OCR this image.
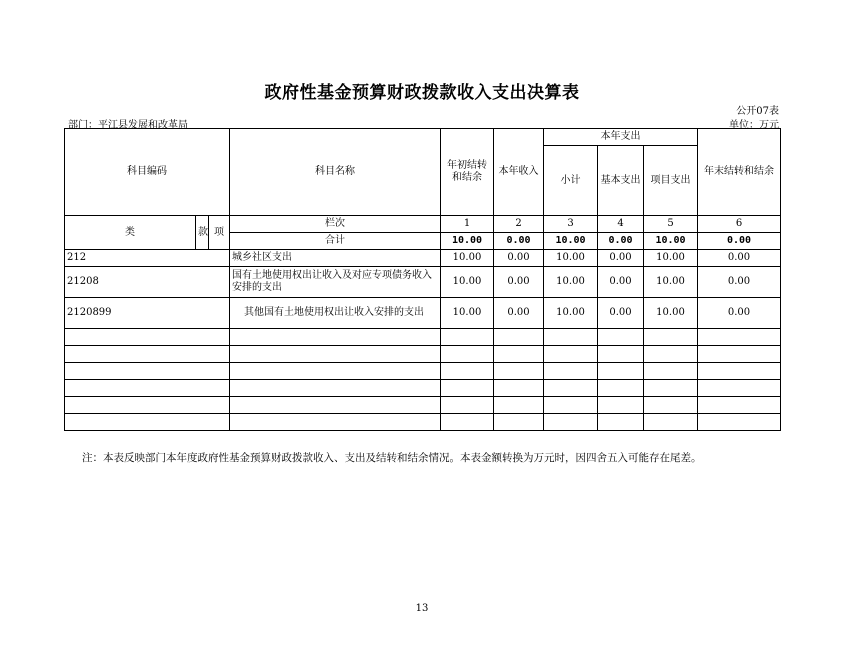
政府性基金预算财政拨款收入支出决算表
公开07表
部门：平江县发展和改革局	单位：万元
科目编码			科目名称	年初结转和结余	本年收入	本年支出			年末结转和结余
						小计	基本支出	项目支出	
类	款	项	栏次	1	2	3	4	5	6
			合计	10.00	0.00	10.00	0.00	10.00	0.00
212			城乡社区支出	10.00	0.00	10.00	0.00	10.00	0.00
21208			国有土地使用权出让收入及对应专项债务收入安排的支出	10.00	0.00	10.00	0.00	10.00	0.00
2120899			其他国有土地使用权出让收入安排的支出	10.00	0.00	10.00	0.00	10.00	0.00

注：本表反映部门本年度政府性基金预算财政拨款收入、支出及结转和结余情况。本表金额转换为万元时，因四舍五入可能存在尾差。
13
